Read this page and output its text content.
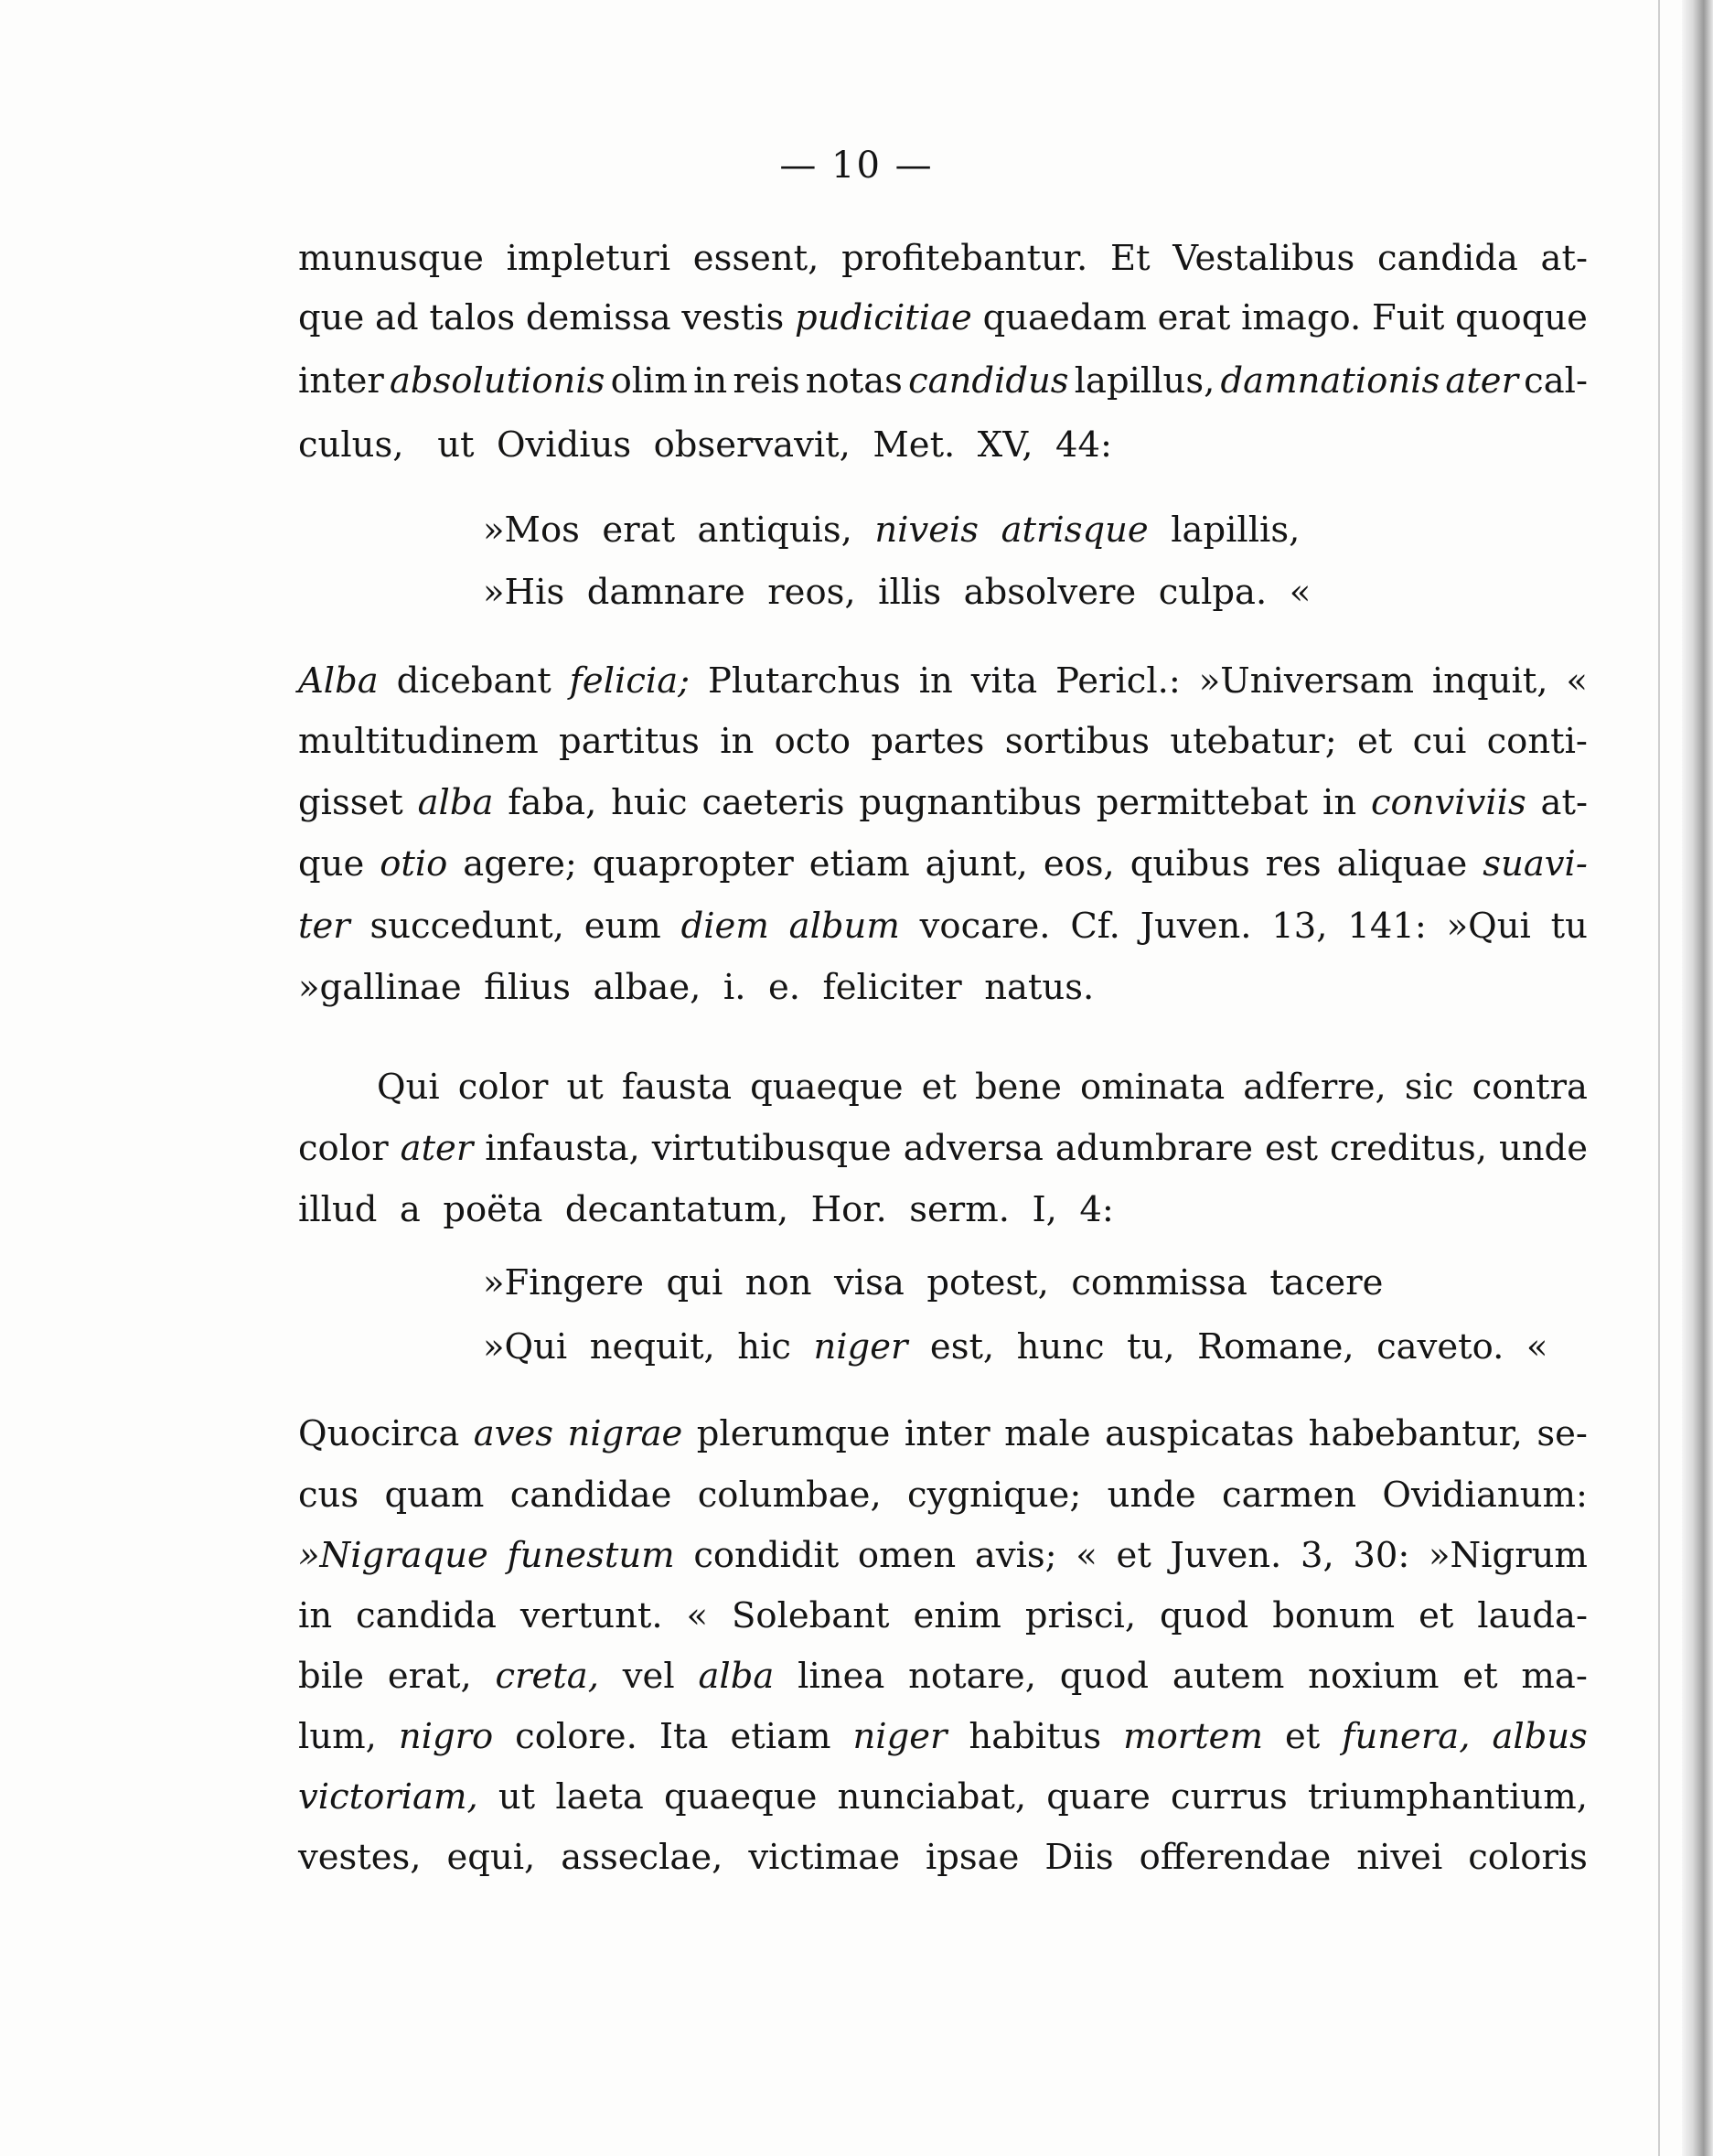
— 10 —
munusque impleturi essent, profitebantur. Et Vestalibus candida at-
que ad talos demissa vestis pudicitiae quaedam erat imago. Fuit quoque
inter absolutionis olim in reis notas candidus lapillus, damnationis ater cal-
culus, ut Ovidius observavit, Met. XV, 44:
»Mos erat antiquis, niveis atrisque lapillis,
»His damnare reos, illis absolvere culpa. «
Alba dicebant felicia; Plutarchus in vita Pericl.: »Universam inquit, «
multitudinem partitus in octo partes sortibus utebatur; et cui conti-
gisset alba faba, huic caeteris pugnantibus permittebat in conviviis at-
que otio agere; quapropter etiam ajunt, eos, quibus res aliquae suavi-
ter succedunt, eum diem album vocare. Cf. Juven. 13, 141: »Qui tu
»gallinae filius albae, i. e. feliciter natus.
Qui color ut fausta quaeque et bene ominata adferre, sic contra
color ater infausta, virtutibusque adversa adumbrare est creditus, unde
illud a poëta decantatum, Hor. serm. I, 4:
»Fingere qui non visa potest, commissa tacere
»Qui nequit, hic niger est, hunc tu, Romane, caveto. «
Quocirca aves nigrae plerumque inter male auspicatas habebantur, se-
cus quam candidae columbae, cygnique; unde carmen Ovidianum:
»Nigraque funestum condidit omen avis; « et Juven. 3, 30: »Nigrum
in candida vertunt. « Solebant enim prisci, quod bonum et lauda-
bile erat, creta, vel alba linea notare, quod autem noxium et ma-
lum, nigro colore. Ita etiam niger habitus mortem et funera, albus
victoriam, ut laeta quaeque nunciabat, quare currus triumphantium,
vestes, equi, asseclae, victimae ipsae Diis offerendae nivei coloris
